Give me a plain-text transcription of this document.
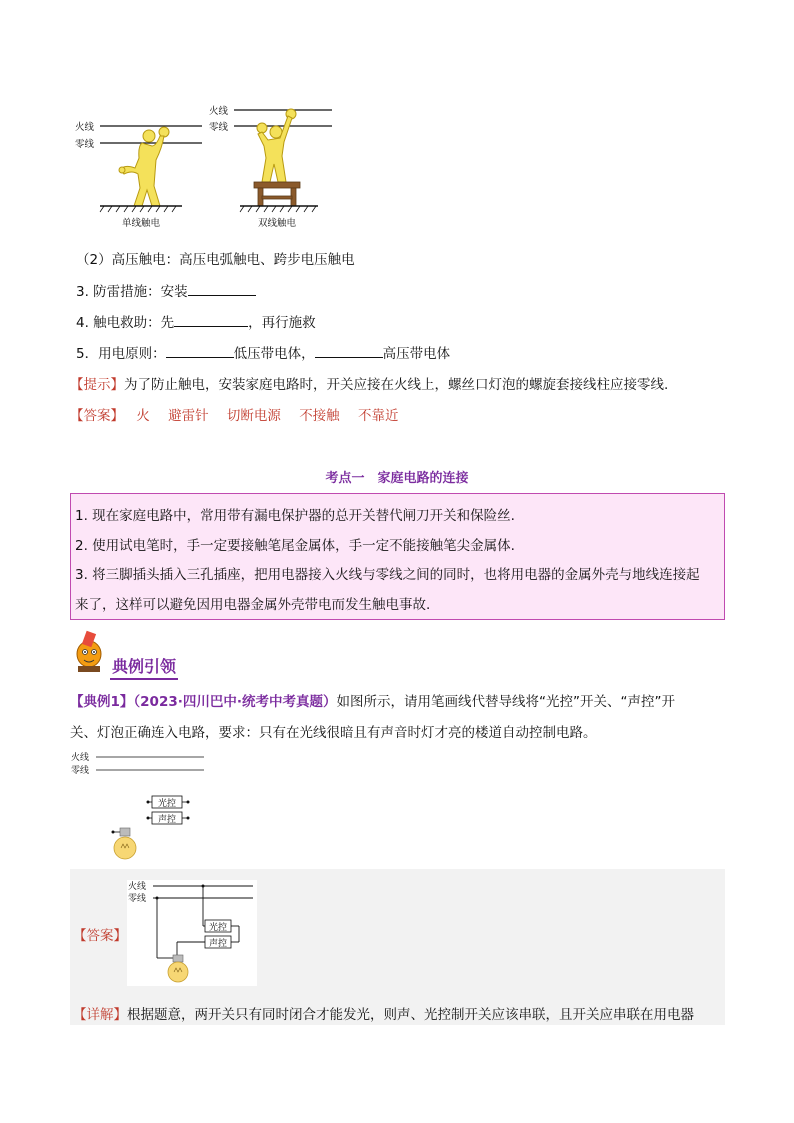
火线
零线
单线触电
火线
零线
双线触电
（2）高压触电：高压电弧触电、跨步电压触电
3. 防雷措施：安装
4. 触电救助：先	，再行施救
5．用电原则：	低压带电体，	高压带电体
【提示】为了防止触电，安装家庭电路时，开关应接在火线上，螺丝口灯泡的螺旋套接线柱应接零线.
【答案】 火 避雷针 切断电源 不接触 不靠近
考点一　家庭电路的连接
1. 现在家庭电路中，常用带有漏电保护器的总开关替代闸刀开关和保险丝.
2. 使用试电笔时，手一定要接触笔尾金属体，手一定不能接触笔尖金属体.
3. 将三脚插头插入三孔插座，把用电器接入火线与零线之间的同时，也将用电器的金属外壳与地线连接起
来了，这样可以避免因用电器金属外壳带电而发生触电事故.
典例引领
【典例1】（2023·四川巴中·统考中考真题）如图所示，请用笔画线代替导线将“光控”开关、“声控”开
关、灯泡正确连入电路，要求：只有在光线很暗且有声音时灯才亮的楼道自动控制电路。
火线
零线
光控
声控
【答案】
【详解】根据题意，两开关只有同时闭合才能发光，则声、光控制开关应该串联，且开关应串联在用电器
火线
零线
光控
声控
